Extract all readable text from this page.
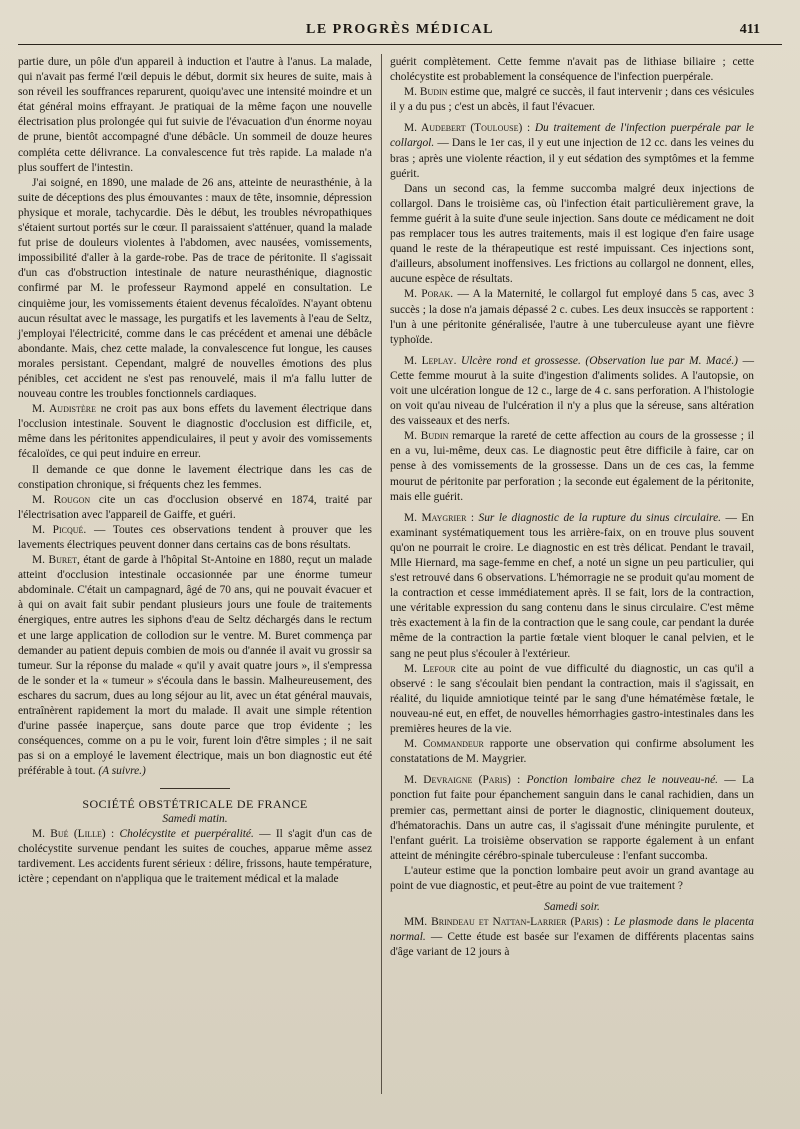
LE PROGRÈS MÉDICAL	411

partie dure, un pôle d'un appareil à induction et l'autre à l'anus. La malade, qui n'avait pas fermé l'œil depuis le début, dormit six heures de suite, mais à son réveil les souffrances reparurent, quoiqu'avec une intensité moindre et un état général moins effrayant. Je pratiquai de la même façon une nouvelle électrisation plus prolongée qui fut suivie de l'évacuation d'un énorme noyau de prune, bientôt accompagné d'une débâcle. Un sommeil de douze heures compléta cette délivrance. La convalescence fut très rapide. La malade n'a plus souffert de l'intestin.

J'ai soigné, en 1890, une malade de 26 ans, atteinte de neurasthénie, à la suite de déceptions des plus émouvantes : maux de tête, insomnie, dépression physique et morale, tachycardie. Dès le début, les troubles névropathiques s'étaient surtout portés sur le cœur. Il paraissaient s'atténuer, quand la malade fut prise de douleurs violentes à l'abdomen, avec nausées, vomissements, impossibilité d'aller à la garde-robe. Pas de trace de péritonite. Il s'agissait d'un cas d'obstruction intestinale de nature neurasthénique, diagnostic confirmé par M. le professeur Raymond appelé en consultation. Le cinquième jour, les vomissements étaient devenus fécaloïdes. N'ayant obtenu aucun résultat avec le massage, les purgatifs et les lavements à l'eau de Seltz, j'employai l'électricité, comme dans le cas précédent et amenai une débâcle abondante. Mais, chez cette malade, la convalescence fut longue, les causes morales persistant. Cependant, malgré de nouvelles émotions des plus pénibles, cet accident ne s'est pas renouvelé, mais il m'a fallu lutter de nouveau contre les troubles fonctionnels cardiaques.

M. Audistère ne croit pas aux bons effets du lavement électrique dans l'occlusion intestinale. Souvent le diagnostic d'occlusion est difficile, et, même dans les péritonites appendiculaires, il peut y avoir des vomissements fécaloïdes, ce qui peut induire en erreur.

Il demande ce que donne le lavement électrique dans les cas de constipation chronique, si fréquents chez les femmes.

M. Rougon cite un cas d'occlusion observé en 1874, traité par l'électrisation avec l'appareil de Gaiffe, et guéri.

M. Picqué. — Toutes ces observations tendent à prouver que les lavements électriques peuvent donner dans certains cas de bons résultats.

M. Buret, étant de garde à l'hôpital St-Antoine en 1880, reçut un malade atteint d'occlusion intestinale occasionnée par une énorme tumeur abdominale. C'était un campagnard, âgé de 70 ans, qui ne pouvait évacuer et à qui on avait fait subir pendant plusieurs jours une foule de traitements énergiques, entre autres les siphons d'eau de Seltz déchargés dans le rectum et une large application de collodion sur le ventre. M. Buret commença par demander au patient depuis combien de mois ou d'année il avait vu grossir sa tumeur. Sur la réponse du malade « qu'il y avait quatre jours », il s'empressa de le sonder et la « tumeur » s'écoula dans le bassin. Malheureusement, des eschares du sacrum, dues au long séjour au lit, avec un état général mauvais, entraînèrent rapidement la mort du malade. Il avait une simple rétention d'urine passée inaperçue, sans doute parce que trop évidente ; les conséquences, comme on a pu le voir, furent loin d'être simples ; il ne sait pas si on a employé le lavement électrique, mais un bon diagnostic eut été préférable à tout. (A suivre.)

SOCIÉTÉ OBSTÉTRICALE DE FRANCE

Samedi matin.

M. Bué (Lille) : Cholécystite et puerpéralité. — Il s'agit d'un cas de cholécystite survenue pendant les suites de couches, apparue même assez tardivement. Les accidents furent sérieux : délire, frissons, haute température, ictère ; cependant on n'appliqua que le traitement médical et la malade

guérit complètement. Cette femme n'avait pas de lithiase biliaire ; cette cholécystite est probablement la conséquence de l'infection puerpérale.

M. Budin estime que, malgré ce succès, il faut intervenir ; dans ces vésicules il y a du pus ; c'est un abcès, il faut l'évacuer.

M. Audebert (Toulouse) : Du traitement de l'infection puerpérale par le collargol. — Dans le 1er cas, il y eut une injection de 12 cc. dans les veines du bras ; après une violente réaction, il y eut sédation des symptômes et la femme guérit.

Dans un second cas, la femme succomba malgré deux injections de collargol. Dans le troisième cas, où l'infection était particulièrement grave, la femme guérit à la suite d'une seule injection. Sans doute ce médicament ne doit pas remplacer tous les autres traitements, mais il est logique d'en faire usage quand le reste de la thérapeutique est resté impuissant. Ces injections sont, d'ailleurs, absolument inoffensives. Les frictions au collargol ne donnent, elles, aucune espèce de résultats.

M. Porak. — A la Maternité, le collargol fut employé dans 5 cas, avec 3 succès ; la dose n'a jamais dépassé 2 c. cubes. Les deux insuccès se rapportent : l'un à une péritonite généralisée, l'autre à une tuberculeuse ayant une fièvre typhoïde.

M. Leplay. Ulcère rond et grossesse. (Observation lue par M. Macé.) — Cette femme mourut à la suite d'ingestion d'aliments solides. A l'autopsie, on voit une ulcération longue de 12 c., large de 4 c. sans perforation. A l'histologie on voit qu'au niveau de l'ulcération il n'y a plus que la séreuse, sans altération des vaisseaux et des nerfs.

M. Budin remarque la rareté de cette affection au cours de la grossesse ; il en a vu, lui-même, deux cas. Le diagnostic peut être difficile à faire, car on pense à des vomissements de la grossesse. Dans un de ces cas, la femme mourut de péritonite par perforation ; la seconde eut également de la péritonite, mais elle guérit.

M. Maygrier : Sur le diagnostic de la rupture du sinus circulaire. — En examinant systématiquement tous les arrière-faix, on en trouve plus souvent qu'on ne pourrait le croire. Le diagnostic en est très délicat. Pendant le travail, Mlle Hiernard, ma sage-femme en chef, a noté un signe un peu particulier, qui s'est retrouvé dans 6 observations. L'hémorragie ne se produit qu'au moment de la contraction et cesse immédiatement après. Il se fait, lors de la contraction, une véritable expression du sang contenu dans le sinus circulaire. C'est même très exactement à la fin de la contraction que le sang coule, car pendant la durée même de la contraction la partie fœtale vient bloquer le canal pelvien, et le sang ne peut plus s'écouler à l'extérieur.

M. Lefour cite au point de vue difficulté du diagnostic, un cas qu'il a observé : le sang s'écoulait bien pendant la contraction, mais il s'agissait, en réalité, du liquide amniotique teinté par le sang d'une hématémèse fœtale, le nouveau-né eut, en effet, de nouvelles hémorrhagies gastro-intestinales dans les premières heures de la vie.

M. Commandeur rapporte une observation qui confirme absolument les constatations de M. Maygrier.

M. Devraigne (Paris) : Ponction lombaire chez le nouveau-né. — La ponction fut faite pour épanchement sanguin dans le canal rachidien, dans un premier cas, permettant ainsi de porter le diagnostic, cliniquement douteux, d'hématorachis. Dans un autre cas, il s'agissait d'une méningite purulente, et l'enfant guérit. La troisième observation se rapporte également à un enfant atteint de méningite cérébro-spinale tuberculeuse : l'enfant succomba.

L'auteur estime que la ponction lombaire peut avoir un grand avantage au point de vue diagnostic, et peut-être au point de vue traitement ?

Samedi soir.

MM. Brindeau et Nattan-Larrier (Paris) : Le plasmode dans le placenta normal. — Cette étude est basée sur l'examen de différents placentas sains d'âge variant de 12 jours à
